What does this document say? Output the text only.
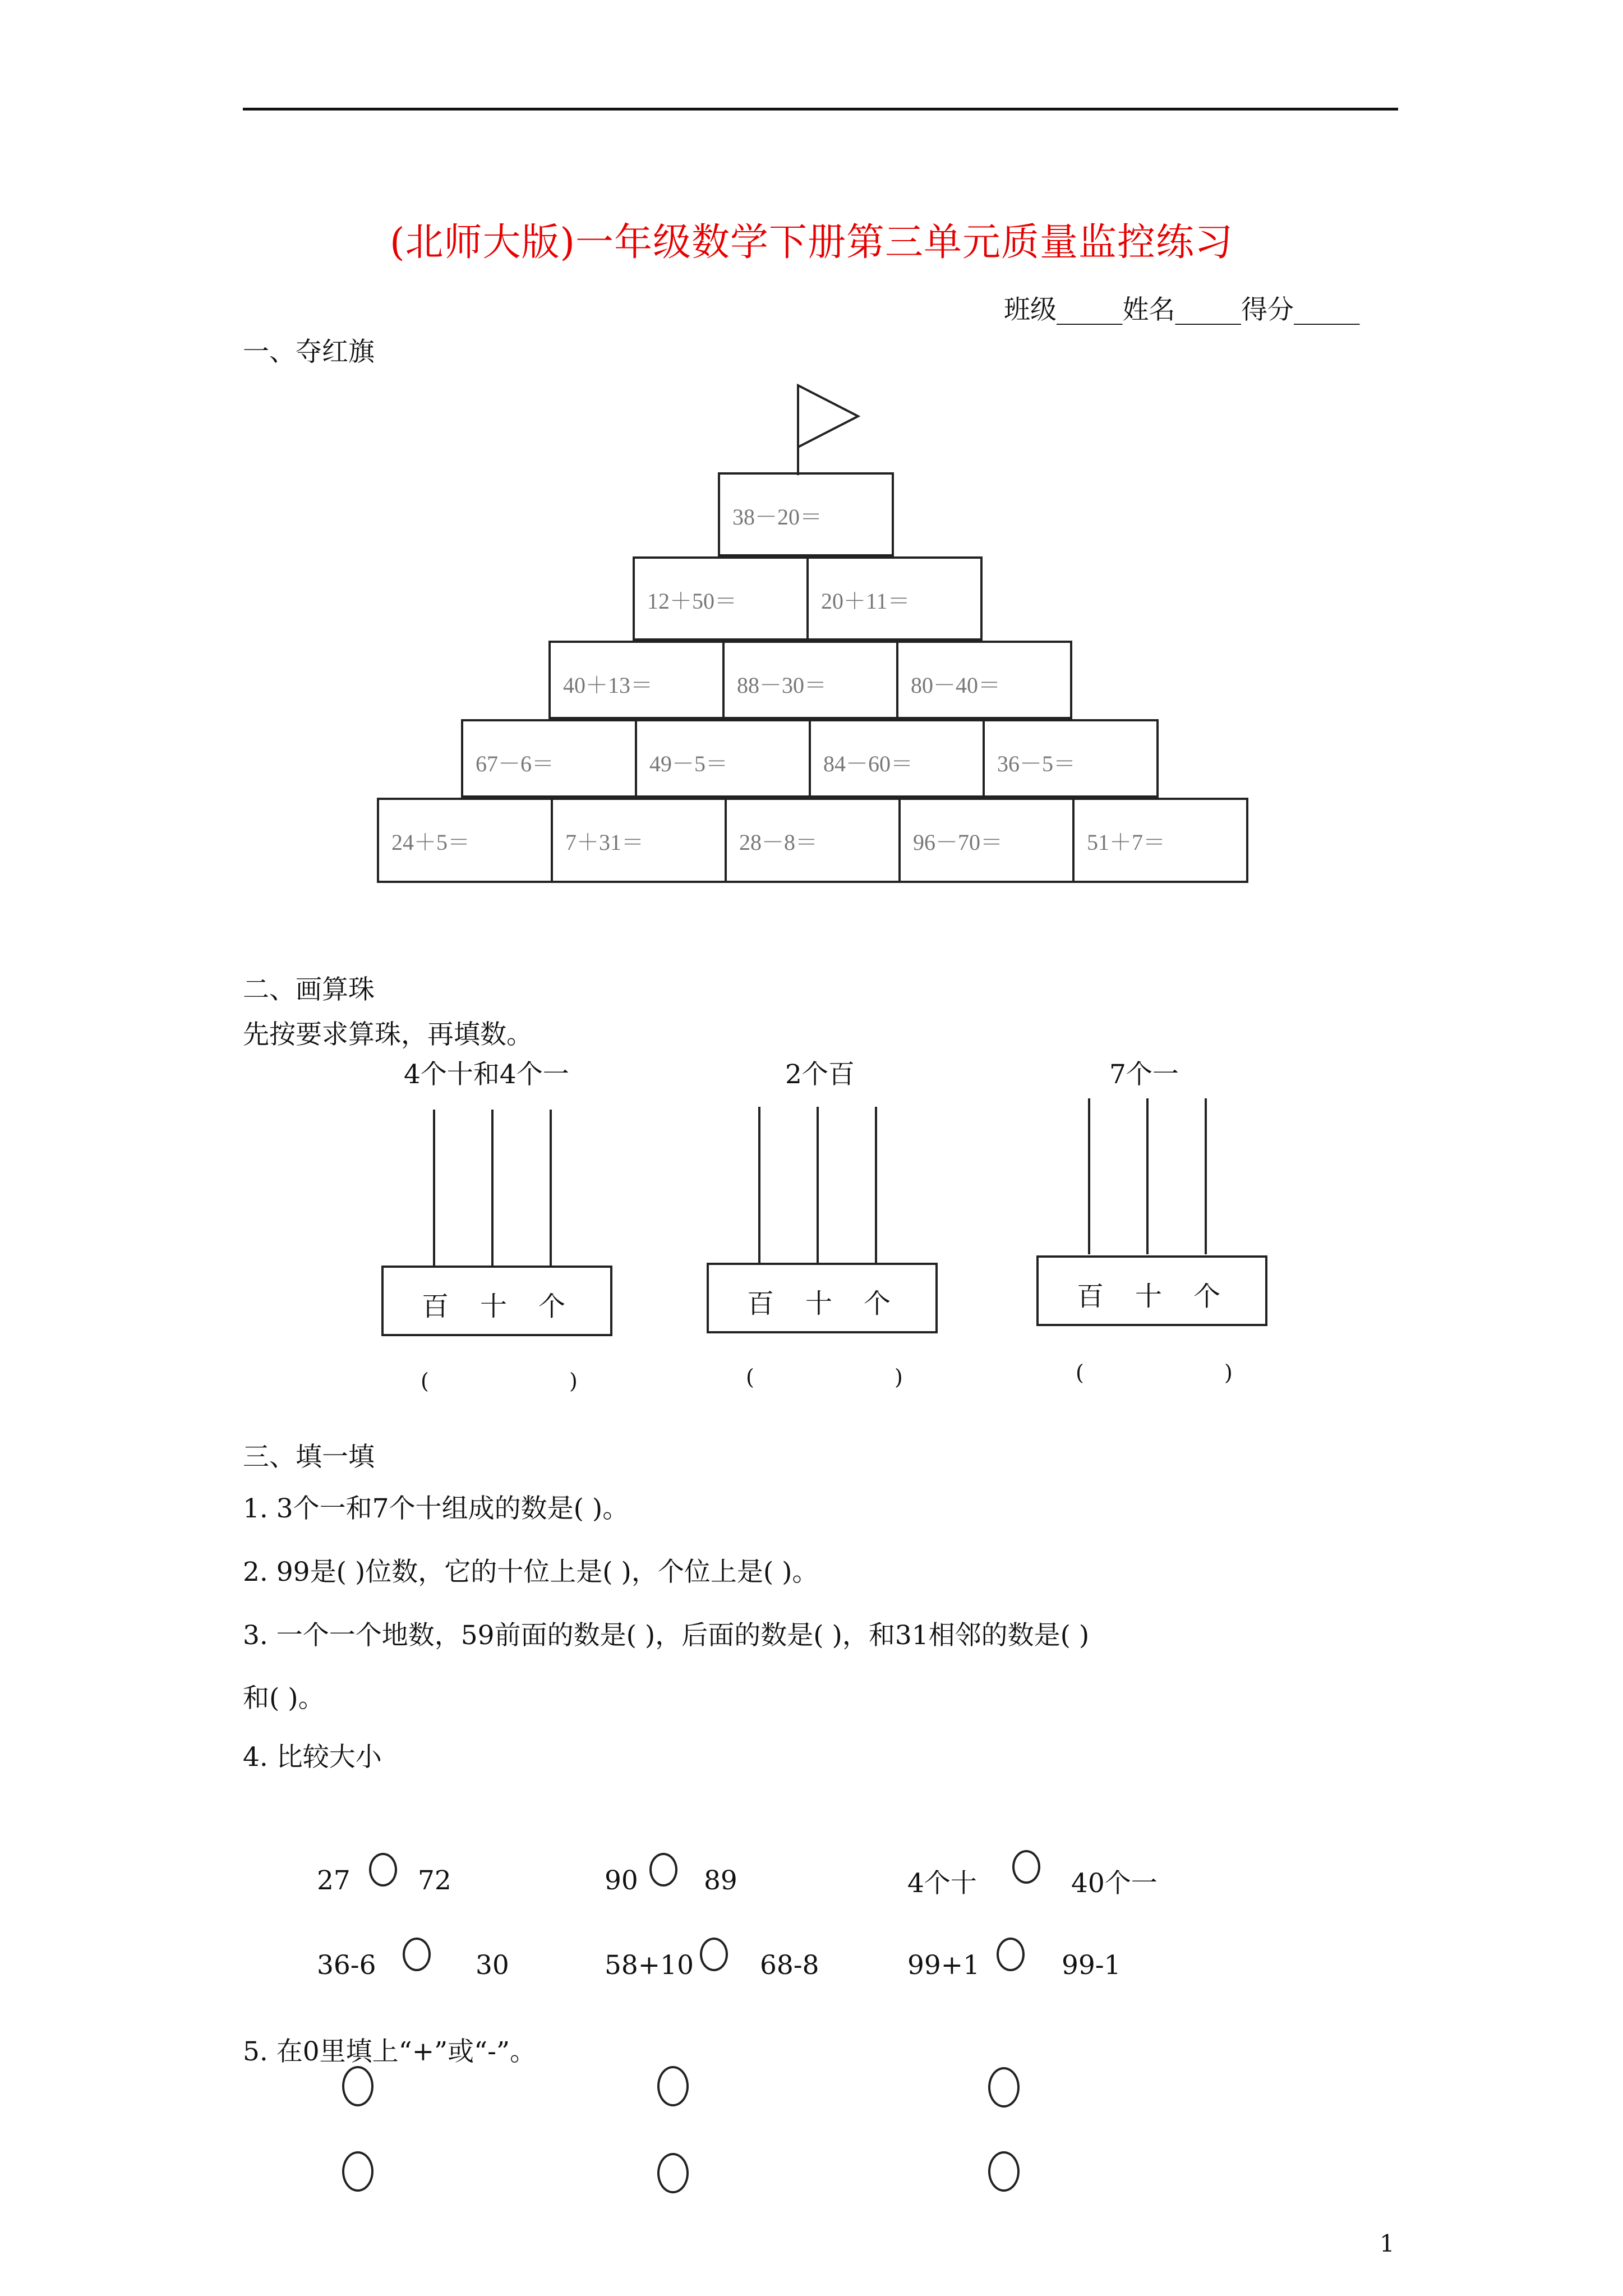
(北师大版)一年级数学下册第三单元质量监控练习
班级_____姓名_____得分_____
一、夺红旗
38－20＝
12＋50＝	20＋11＝
40＋13＝	88－30＝	80－40＝
67－6＝	49－5＝	84－60＝	36－5＝
24＋5＝	7＋31＝	28－8＝	96－70＝	51＋7＝
二、画算珠
先按要求算珠，再填数。
4个十和4个一
百 十 个
(	)
2个百
百 十 个
(	)
7个一
百 十 个
(	)
三、填一填
1. 3个一和7个十组成的数是( )。
2. 99是( )位数，它的十位上是( )，个位上是( )。
3. 一个一个地数，59前面的数是( )，后面的数是( )，和31相邻的数是( )
和( )。
4. 比较大小
27	72	90 89	4个十	40个一
36-6	30	58+10	68-8	99+1	99-1
5. 在0里填上“+”或“-”。
1
